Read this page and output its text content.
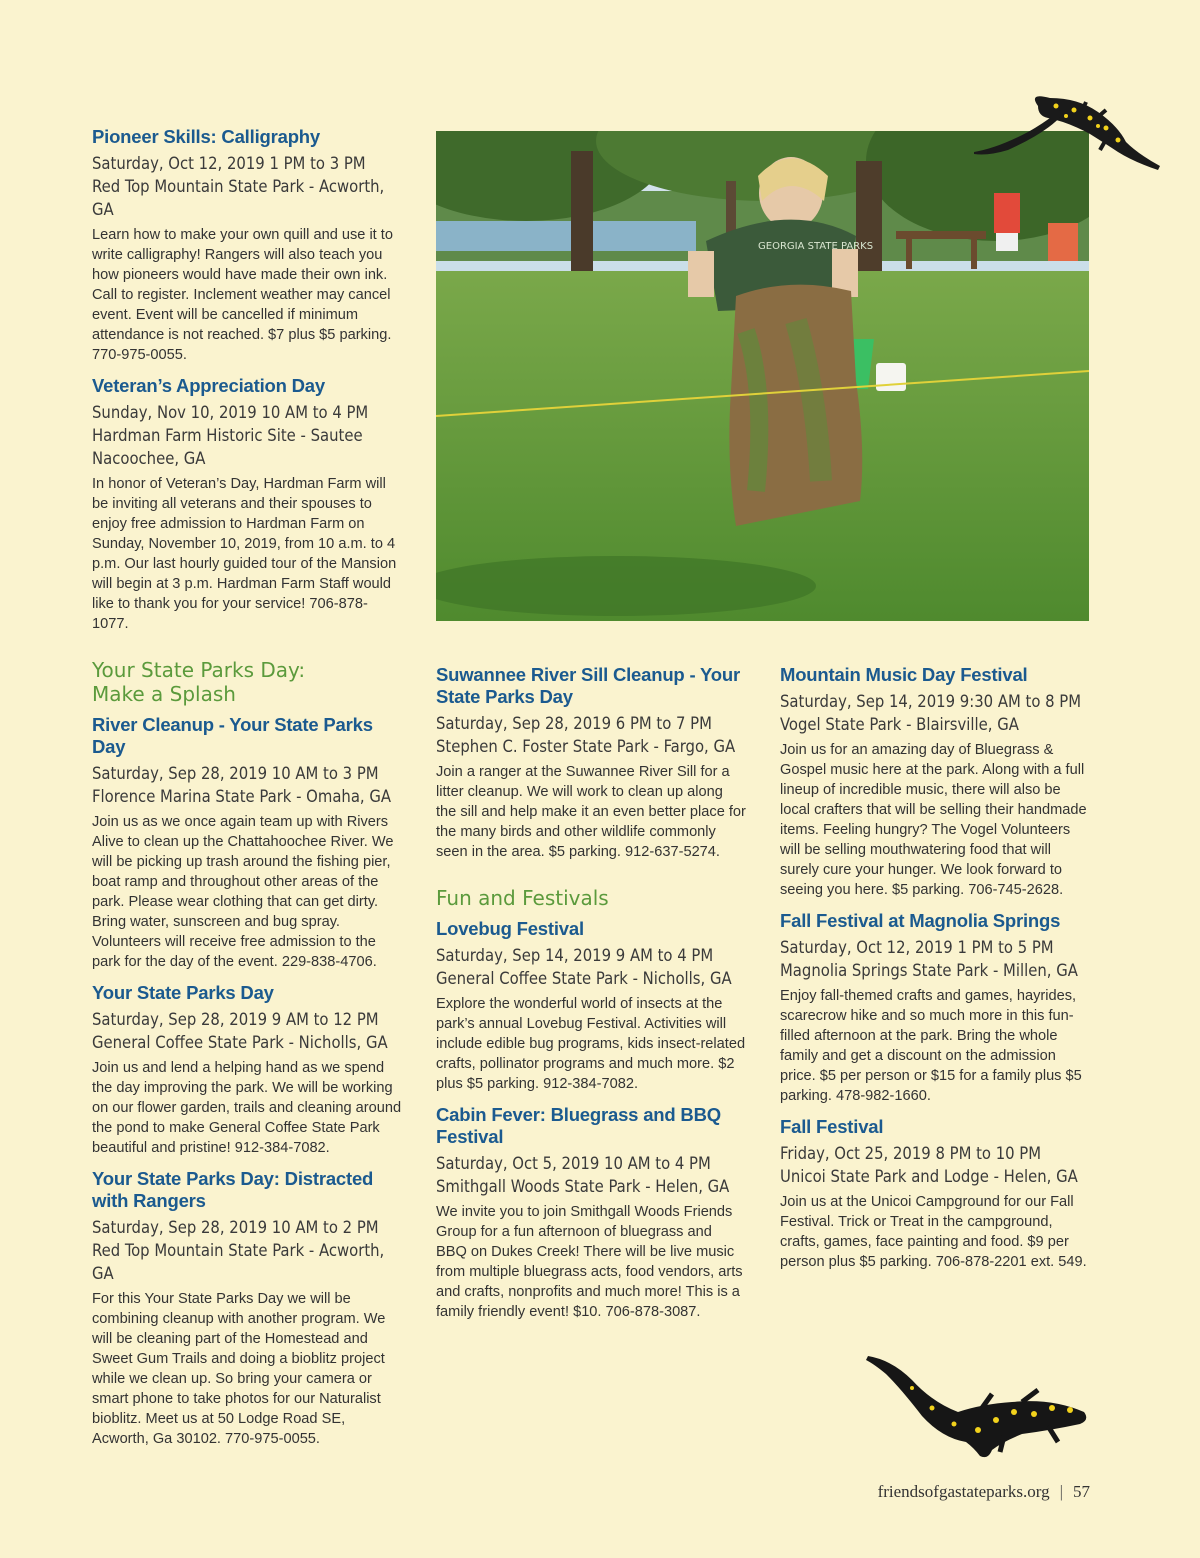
Pioneer Skills: Calligraphy
Saturday, Oct 12, 2019 1 PM to 3 PM
Red Top Mountain State Park - Acworth, GA

Learn how to make your own quill and use it to write calligraphy! Rangers will also teach you how pioneers would have made their own ink. Call to register. Inclement weather may cancel event. Event will be cancelled if minimum attendance is not reached. $7 plus $5 parking. 770-975-0055.

Veteran’s Appreciation Day
Sunday, Nov 10, 2019 10 AM to 4 PM
Hardman Farm Historic Site - Sautee Nacoochee, GA

In honor of Veteran’s Day, Hardman Farm will be inviting all veterans and their spouses to enjoy free admission to Hardman Farm on Sunday, November 10, 2019, from 10 a.m. to 4 p.m. Our last hourly guided tour of the Mansion will begin at 3 p.m. Hardman Farm Staff would like to thank you for your service! 706-878-1077.

Your State Parks Day:
Make a Splash
River Cleanup - Your State Parks Day
Saturday, Sep 28, 2019 10 AM to 3 PM
Florence Marina State Park - Omaha, GA

Join us as we once again team up with Rivers Alive to clean up the Chattahoochee River. We will be picking up trash around the fishing pier, boat ramp and throughout other areas of the park. Please wear clothing that can get dirty. Bring water, sunscreen and bug spray. Volunteers will receive free admission to the park for the day of the event. 229-838-4706.

Your State Parks Day
Saturday, Sep 28, 2019 9 AM to 12 PM
General Coffee State Park - Nicholls, GA

Join us and lend a helping hand as we spend the day improving the park. We will be working on our flower garden, trails and cleaning around the pond to make General Coffee State Park beautiful and pristine! 912-384-7082.

Your State Parks Day: Distracted with Rangers
Saturday, Sep 28, 2019 10 AM to 2 PM
Red Top Mountain State Park - Acworth, GA

For this Your State Parks Day we will be combining cleanup with another program. We will be cleaning part of the Homestead and Sweet Gum Trails and doing a bioblitz project while we clean up. So bring your camera or smart phone to take photos for our Naturalist bioblitz. Meet us at 50 Lodge Road SE, Acworth, Ga 30102. 770-975-0055.

GEORGIA STATE PARKS
Suwannee River Sill Cleanup - Your State Parks Day
Saturday, Sep 28, 2019 6 PM to 7 PM
Stephen C. Foster State Park - Fargo, GA

Join a ranger at the Suwannee River Sill for a litter cleanup. We will work to clean up along the sill and help make it an even better place for the many birds and other wildlife commonly seen in the area. $5 parking. 912-637-5274.

Fun and Festivals
Lovebug Festival
Saturday, Sep 14, 2019 9 AM to 4 PM
General Coffee State Park - Nicholls, GA

Explore the wonderful world of insects at the park’s annual Lovebug Festival. Activities will include edible bug programs, kids insect-related crafts, pollinator programs and much more. $2 plus $5 parking. 912-384-7082.

Cabin Fever: Bluegrass and BBQ Festival
Saturday, Oct 5, 2019 10 AM to 4 PM
Smithgall Woods State Park - Helen, GA

We invite you to join Smithgall Woods Friends Group for a fun afternoon of bluegrass and BBQ on Dukes Creek! There will be live music from multiple bluegrass acts, food vendors, arts and crafts, nonprofits and much more! This is a family friendly event! $10. 706-878-3087.

Mountain Music Day Festival
Saturday, Sep 14, 2019 9:30 AM to 8 PM
Vogel State Park - Blairsville, GA

Join us for an amazing day of Bluegrass & Gospel music here at the park. Along with a full lineup of incredible music, there will also be local crafters that will be selling their handmade items. Feeling hungry? The Vogel Volunteers will be selling mouthwatering food that will surely cure your hunger. We look forward to seeing you here. $5 parking. 706-745-2628.

Fall Festival at Magnolia Springs
Saturday, Oct 12, 2019 1 PM to 5 PM
Magnolia Springs State Park - Millen, GA

Enjoy fall-themed crafts and games, hayrides, scarecrow hike and so much more in this fun-filled afternoon at the park. Bring the whole family and get a discount on the admission price. $5 per person or $15 for a family plus $5 parking. 478-982-1660.

Fall Festival
Friday, Oct 25, 2019 8 PM to 10 PM
Unicoi State Park and Lodge - Helen, GA

Join us at the Unicoi Campground for our Fall Festival. Trick or Treat in the campground, crafts, games, face painting and food. $9 per person plus $5 parking. 706-878-2201 ext. 549.

friendsofgastateparks.org | 57
